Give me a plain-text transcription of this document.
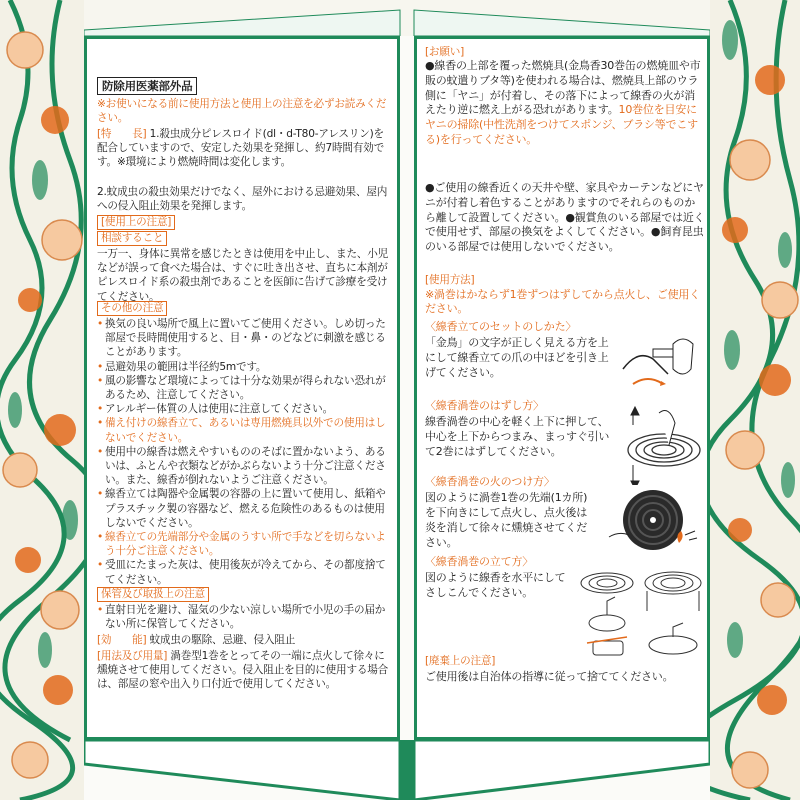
防除用医薬部外品
※お使いになる前に使用方法と使用上の注意を必ずお読みください。
[特　　長] 1.殺虫成分ピレスロイド(dl・d-T80-アレスリン)を配合していますので、安定した効果を発揮し、約7時間有効です。※環境により燃焼時間は変化します。
2.蚊成虫の殺虫効果だけでなく、屋外における忌避効果、屋内への侵入阻止効果を発揮します。
[使用上の注意]
相談すること
一万一、身体に異常を感じたときは使用を中止し、また、小児などが誤って食べた場合は、すぐに吐き出させ、直ちに本剤がピレスロイド系の殺虫剤であることを医師に告げて診療を受けてください。
その他の注意
• 換気の良い場所で風上に置いてご使用ください。しめ切った部屋で長時間使用すると、目・鼻・のどなどに刺激を感じることがあります。
• 忌避効果の範囲は半径約5mです。
• 風の影響など環境によっては十分な効果が得られない恐れがあるため、注意してください。
• アレルギー体質の人は使用に注意してください。
• 備え付けの線香立て、あるいは専用燃焼具以外での使用はしないでください。
• 使用中の線香は燃えやすいもののそばに置かないよう、あるいは、ふとんや衣類などがかぶらないよう十分ご注意ください。また、線香が倒れないようご注意ください。
• 線香立ては陶器や金属製の容器の上に置いて使用し、紙箱やプラスチック製の容器など、燃える危険性のあるものは使用しないでください。
• 線香立ての先端部分や金属のうすい所で手などを切らないよう十分ご注意ください。
• 受皿にたまった灰は、使用後灰が冷えてから、その都度捨ててください。
保管及び取扱上の注意
• 直射日光を避け、湿気の少ない涼しい場所で小児の手の届かない所に保管してください。
[効　　能] 蚊成虫の駆除、忌避、侵入阻止
[用法及び用量] 渦巻型1巻をとってその一端に点火して徐々に燻焼させて使用してください。侵入阻止を目的に使用する場合は、部屋の窓や出入り口付近で使用してください。
[お願い]
●線香の上部を覆った燃焼具(金鳥香30巻缶の燃焼皿や市販の蚊遣りブタ等)を使われる場合は、燃焼具上部のウラ側に「ヤニ」が付着し、その落下によって線香の火が消えたり逆に燃え上がる恐れがあります。10巻位を目安にヤニの掃除(中性洗剤をつけてスポンジ、ブラシ等でこする)を行ってください。
●ご使用の線香近くの天井や壁、家具やカーテンなどにヤニが付着し着色することがありますのでそれらのものから離して設置してください。●観賞魚のいる部屋では近くで使用せず、部屋の換気をよくしてください。●飼育昆虫のいる部屋では使用しないでください。
[使用方法]
※渦巻はかならず1巻ずつはずしてから点火し、ご使用ください。
〈線香立てのセットのしかた〉
「金鳥」の文字が正しく見える方を上にして線香立ての爪の中ほどを引き上げてください。
〈線香渦巻のはずし方〉
線香渦巻の中心を軽く上下に押して、中心を上下からつまみ、まっすぐ引いて2巻にはずしてください。
〈線香渦巻の火のつけ方〉
図のように渦巻1巻の先端(1カ所)を下向きにして点火し、点火後は炎を消して徐々に燻焼させてください。
〈線香渦巻の立て方〉
図のように線香を水平にしてさしこんでください。
[廃棄上の注意]
ご使用後は自治体の指導に従って捨ててください。
